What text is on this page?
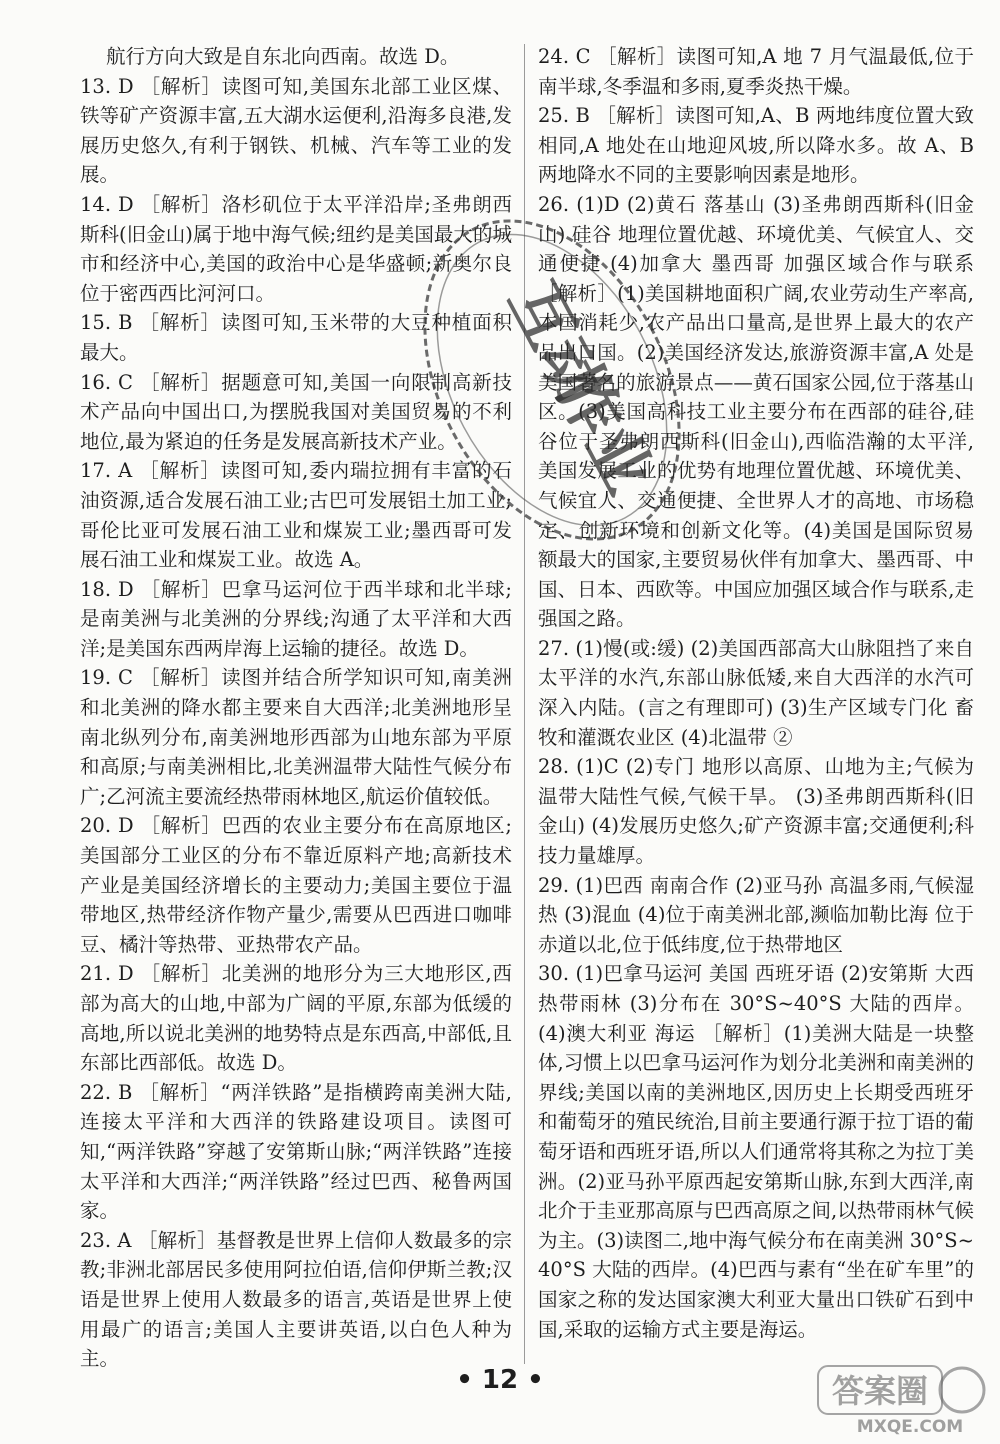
航行方向大致是自东北向西南。故选 D。
13. D ［解析］读图可知,美国东北部工业区煤、铁等矿产资源丰富,五大湖水运便利,沿海多良港,发展历史悠久,有利于钢铁、机械、汽车等工业的发展。
14. D ［解析］洛杉矶位于太平洋沿岸;圣弗朗西斯科(旧金山)属于地中海气候;纽约是美国最大的城市和经济中心,美国的政治中心是华盛顿;新奥尔良位于密西西比河河口。
15. B ［解析］读图可知,玉米带的大豆种植面积最大。
16. C ［解析］据题意可知,美国一向限制高新技术产品向中国出口,为摆脱我国对美国贸易的不利地位,最为紧迫的任务是发展高新技术产业。
17. A ［解析］读图可知,委内瑞拉拥有丰富的石油资源,适合发展石油工业;古巴可发展铝土加工业;哥伦比亚可发展石油工业和煤炭工业;墨西哥可发展石油工业和煤炭工业。故选 A。
18. D ［解析］巴拿马运河位于西半球和北半球;是南美洲与北美洲的分界线;沟通了太平洋和大西洋;是美国东西两岸海上运输的捷径。故选 D。
19. C ［解析］读图并结合所学知识可知,南美洲和北美洲的降水都主要来自大西洋;北美洲地形呈南北纵列分布,南美洲地形西部为山地东部为平原和高原;与南美洲相比,北美洲温带大陆性气候分布广;乙河流主要流经热带雨林地区,航运价值较低。
20. D ［解析］巴西的农业主要分布在高原地区;美国部分工业区的分布不靠近原料产地;高新技术产业是美国经济增长的主要动力;美国主要位于温带地区,热带经济作物产量少,需要从巴西进口咖啡豆、橘汁等热带、亚热带农产品。
21. D ［解析］北美洲的地形分为三大地形区,西部为高大的山地,中部为广阔的平原,东部为低缓的高地,所以说北美洲的地势特点是东西高,中部低,且东部比西部低。故选 D。
22. B ［解析］“两洋铁路”是指横跨南美洲大陆,连接太平洋和大西洋的铁路建设项目。读图可知,“两洋铁路”穿越了安第斯山脉;“两洋铁路”连接太平洋和大西洋;“两洋铁路”经过巴西、秘鲁两国家。
23. A ［解析］基督教是世界上信仰人数最多的宗教;非洲北部居民多使用阿拉伯语,信仰伊斯兰教;汉语是世界上使用人数最多的语言,英语是世界上使用最广的语言;美国人主要讲英语,以白色人种为主。
24. C ［解析］读图可知,A 地 7 月气温最低,位于南半球,冬季温和多雨,夏季炎热干燥。
25. B ［解析］读图可知,A、B 两地纬度位置大致相同,A 地处在山地迎风坡,所以降水多。故 A、B 两地降水不同的主要影响因素是地形。
26. (1)D (2)黄石 落基山 (3)圣弗朗西斯科(旧金山) 硅谷 地理位置优越、环境优美、气候宜人、交通便捷 (4)加拿大 墨西哥 加强区域合作与联系 ［解析］(1)美国耕地面积广阔,农业劳动生产率高,本国消耗少,农产品出口量高,是世界上最大的农产品出口国。(2)美国经济发达,旅游资源丰富,A 处是美国著名的旅游景点——黄石国家公园,位于落基山区。(3)美国高科技工业主要分布在西部的硅谷,硅谷位于圣弗朗西斯科(旧金山),西临浩瀚的太平洋,美国发展工业的优势有地理位置优越、环境优美、气候宜人、交通便捷、全世界人才的高地、市场稳定、创新环境和创新文化等。(4)美国是国际贸易额最大的国家,主要贸易伙伴有加拿大、墨西哥、中国、日本、西欧等。中国应加强区域合作与联系,走强国之路。
27. (1)慢(或:缓) (2)美国西部高大山脉阻挡了来自太平洋的水汽,东部山脉低矮,来自大西洋的水汽可深入内陆。(言之有理即可) (3)生产区域专门化 畜牧和灌溉农业区 (4)北温带 ②
28. (1)C (2)专门 地形以高原、山地为主;气候为温带大陆性气候,气候干旱。 (3)圣弗朗西斯科(旧金山) (4)发展历史悠久;矿产资源丰富;交通便利;科技力量雄厚。
29. (1)巴西 南南合作 (2)亚马孙 高温多雨,气候湿热 (3)混血 (4)位于南美洲北部,濒临加勒比海 位于赤道以北,位于低纬度,位于热带地区
30. (1)巴拿马运河 美国 西班牙语 (2)安第斯 大西 热带雨林 (3)分布在 30°S~40°S 大陆的西岸。 (4)澳大利亚 海运 ［解析］(1)美洲大陆是一块整体,习惯上以巴拿马运河作为划分北美洲和南美洲的界线;美国以南的美洲地区,因历史上长期受西班牙和葡萄牙的殖民统治,目前主要通行源于拉丁语的葡萄牙语和西班牙语,所以人们通常将其称之为拉丁美洲。(2)亚马孙平原西起安第斯山脉,东到大西洋,南北介于圭亚那高原与巴西高原之间,以热带雨林气候为主。(3)读图二,地中海气候分布在南美洲 30°S~40°S 大陆的西岸。(4)巴西与素有“坐在矿车里”的国家之称的发达国家澳大利亚大量出口铁矿石到中国,采取的运输方式主要是海运。
互动
作业
• 12 •	答案圈
MXQE.COM
